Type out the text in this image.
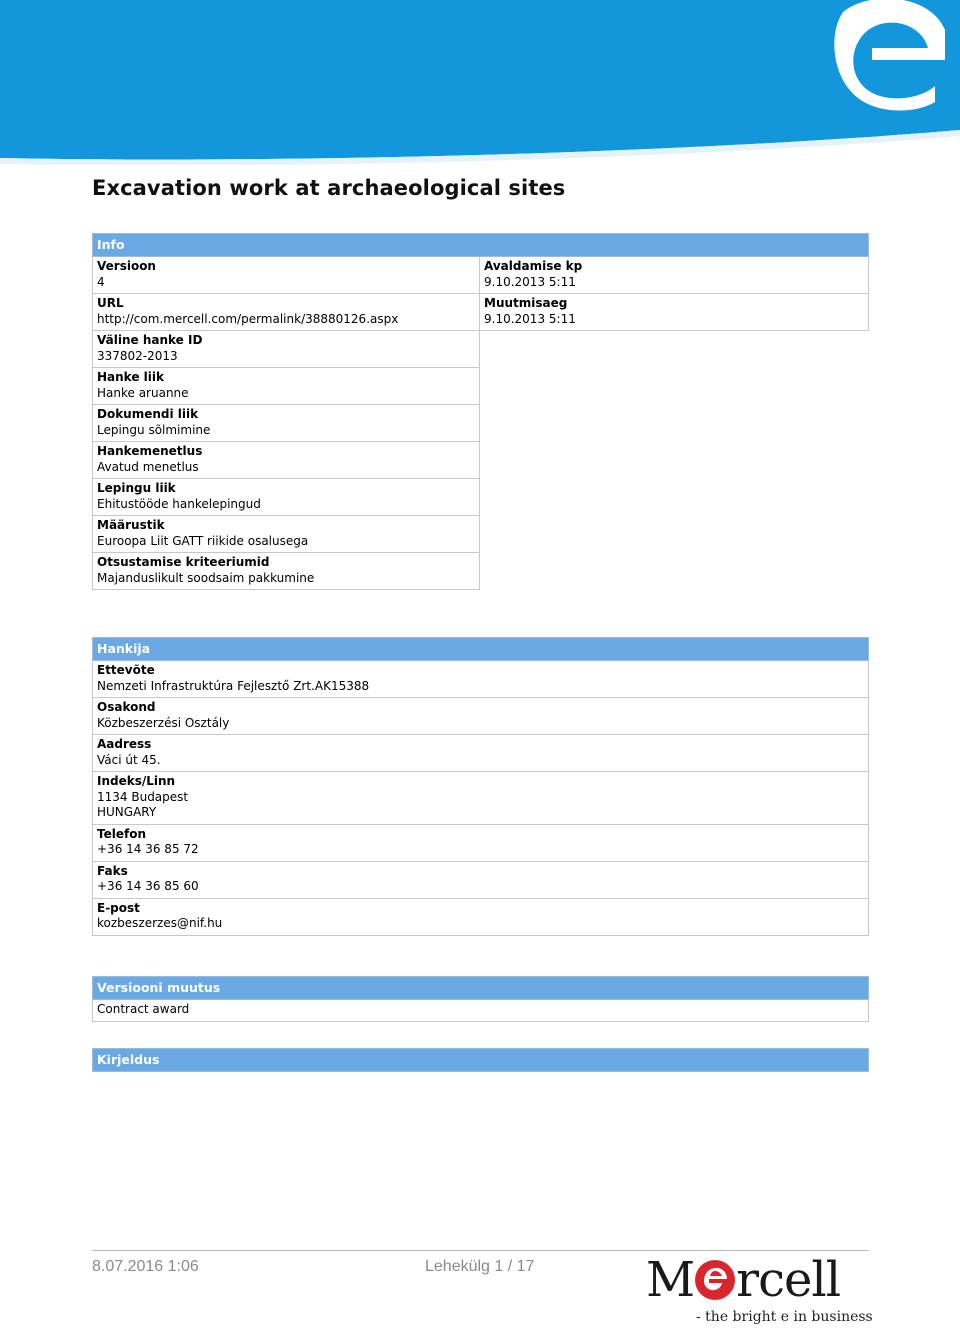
Excavation work at archaeological sites
Info
Versioon
4
URL
http://com.mercell.com/permalink/38880126.aspx
Väline hanke ID
337802-2013
Hanke liik
Hanke aruanne
Dokumendi liik
Lepingu sõlmimine
Hankemenetlus
Avatud menetlus
Lepingu liik
Ehitustööde hankelepingud
Määrustik
Euroopa Liit GATT riikide osalusega
Otsustamise kriteeriumid
Majanduslikult soodsaim pakkumine
Avaldamise kp
9.10.2013 5:11
Muutmisaeg
9.10.2013 5:11
Hankija
Ettevõte
Nemzeti Infrastruktúra Fejlesztő Zrt.AK15388
Osakond
Közbeszerzési Osztály
Aadress
Váci út 45.
Indeks/Linn
1134 Budapest
HUNGARY
Telefon
+36 14 36 85 72
Faks
+36 14 36 85 60
E-post
kozbeszerzes@nif.hu
Versiooni muutus
Contract award
Kirjeldus
8.07.2016 1:06	Lehekülg 1 / 17 M rcell
- the bright e in business
